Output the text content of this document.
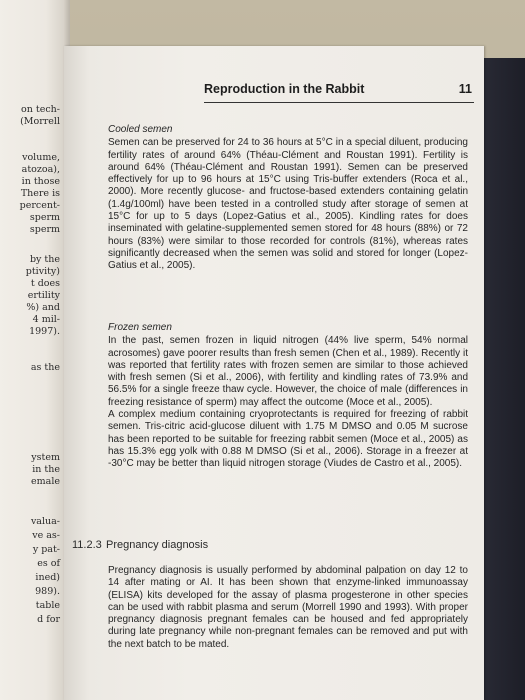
on tech-
(Morrell
volume,
atozoa),
in those
There is
percent-
sperm
sperm
by the
ptivity)
t does
ertility
%) and
4 mil-
1997).
as the
ystem
in the
emale
valua-
ve as-
y pat-
es of
ined)
989).
table
d for
Reproduction in the Rabbit	11

Cooled semen

Semen can be preserved for 24 to 36 hours at 5°C in a special diluent, producing fertility rates of around 64% (Théau-Clément and Roustan 1991). Fertility is around 64% (Théau-Clément and Roustan 1991). Semen can be preserved effectively for up to 96 hours at 15°C using Tris-buffer extenders (Roca et al., 2000). More recently glucose- and fructose-based extenders containing gelatin (1.4g/100ml) have been tested in a controlled study after storage of semen at 15°C for up to 5 days (Lopez-Gatius et al., 2005). Kindling rates for does inseminated with gelatine-supplemented semen stored for 48 hours (88%) or 72 hours (83%) were similar to those recorded for controls (81%), whereas rates significantly decreased when the semen was solid and stored for longer (Lopez-Gatius et al., 2005).

Frozen semen

In the past, semen frozen in liquid nitrogen (44% live sperm, 54% normal acrosomes) gave poorer results than fresh semen (Chen et al., 1989). Recently it was reported that fertility rates with frozen semen are similar to those achieved with fresh semen (Si et al., 2006), with fertility and kindling rates of 73.9% and 56.5% for a single freeze thaw cycle. However, the choice of male (differences in freezing resistance of sperm) may affect the outcome (Moce et al., 2005).

A complex medium containing cryoprotectants is required for freezing of rabbit semen. Tris-citric acid-glucose diluent with 1.75 M DMSO and 0.05 M sucrose has been reported to be suitable for freezing rabbit semen (Moce et al., 2005) as has 15.3% egg yolk with 0.88 M DMSO (Si et al., 2006). Storage in a freezer at -30°C may be better than liquid nitrogen storage (Viudes de Castro et al., 2005).

11.2.3 Pregnancy diagnosis

Pregnancy diagnosis is usually performed by abdominal palpation on day 12 to 14 after mating or AI. It has been shown that enzyme-linked immunoassay (ELISA) kits developed for the assay of plasma progesterone in other species can be used with rabbit plasma and serum (Morrell 1990 and 1993). With proper pregnancy diagnosis pregnant females can be housed and fed appropriately during late pregnancy while non-pregnant females can be removed and put with the next batch to be mated.
